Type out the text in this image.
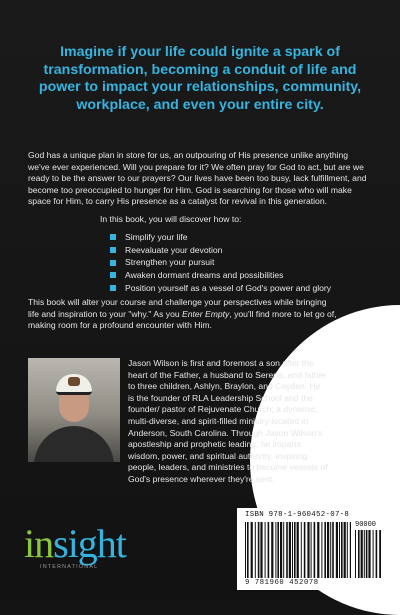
Imagine if your life could ignite a spark of transformation, becoming a conduit of life and power to impact your relationships, community, workplace, and even your entire city.
God has a unique plan in store for us, an outpouring of His presence unlike anything we've ever experienced. Will you prepare for it? We often pray for God to act, but are we ready to be the answer to our prayers? Our lives have been too busy, lack fulfillment, and become too preoccupied to hunger for Him. God is searching for those who will make space for Him, to carry His presence as a catalyst for revival in this generation.
In this book, you will discover how to:
Simplify your life
Reevaluate your devotion
Strengthen your pursuit
Awaken dormant dreams and possibilities
Position yourself as a vessel of God's power and glory
This book will alter your course and challenge your perspectives while bringing life and inspiration to your "why." As you Enter Empty, you'll find more to let go of, making room for a profound encounter with Him.
Jason Wilson is first and foremost a son after the heart of the Father, a husband to Serena, and father to three children, Ashlyn, Braylon, and Cayden. He is the founder of RLA Leadership School and the founder/ pastor of Rejuvenate Church; a dynamic, multi-diverse, and spirit-filled ministry located in Anderson, South Carolina. Through Jason Wilson's apostleship and prophetic leading, he imparts wisdom, power, and spiritual authority, inspiring people, leaders, and ministries to become vessels of God's presence wherever they're sent.
insight
INTERNATIONAL
ISBN 978-1-960452-07-8
90000
9 781960 452078
